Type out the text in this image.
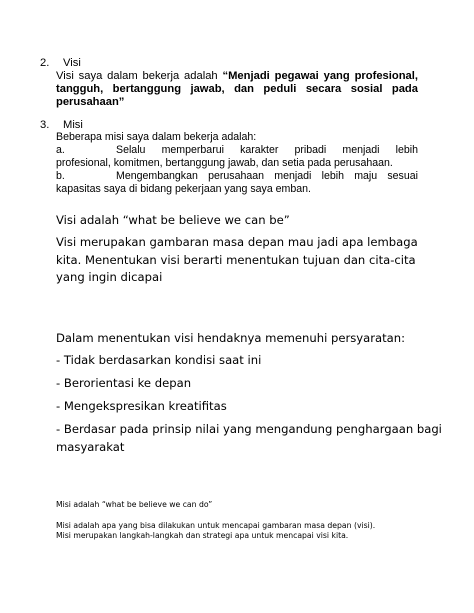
2. Visi
Visi saya dalam bekerja adalah “Menjadi pegawai yang profesional,
tangguh, bertanggung jawab, dan peduli secara sosial pada
perusahaan”
3. Misi
Beberapa misi saya dalam bekerja adalah:
a.	Selalu memperbarui karakter pribadi menjadi lebih
profesional, komitmen, bertanggung jawab, dan setia pada perusahaan.
b.	Mengembangkan perusahaan menjadi lebih maju sesuai
kapasitas saya di bidang pekerjaan yang saya emban.
Visi adalah “what be believe we can be”
Visi merupakan gambaran masa depan mau jadi apa lembaga
kita. Menentukan visi berarti menentukan tujuan dan cita-cita
yang ingin dicapai
Dalam menentukan visi hendaknya memenuhi persyaratan:
- Tidak berdasarkan kondisi saat ini
- Berorientasi ke depan
- Mengekspresikan kreatifitas
- Berdasar pada prinsip nilai yang mengandung penghargaan bagi
masyarakat
Misi adalah “what be believe we can do”
Misi adalah apa yang bisa dilakukan untuk mencapai gambaran masa depan (visi).
Misi merupakan langkah-langkah dan strategi apa untuk mencapai visi kita.
